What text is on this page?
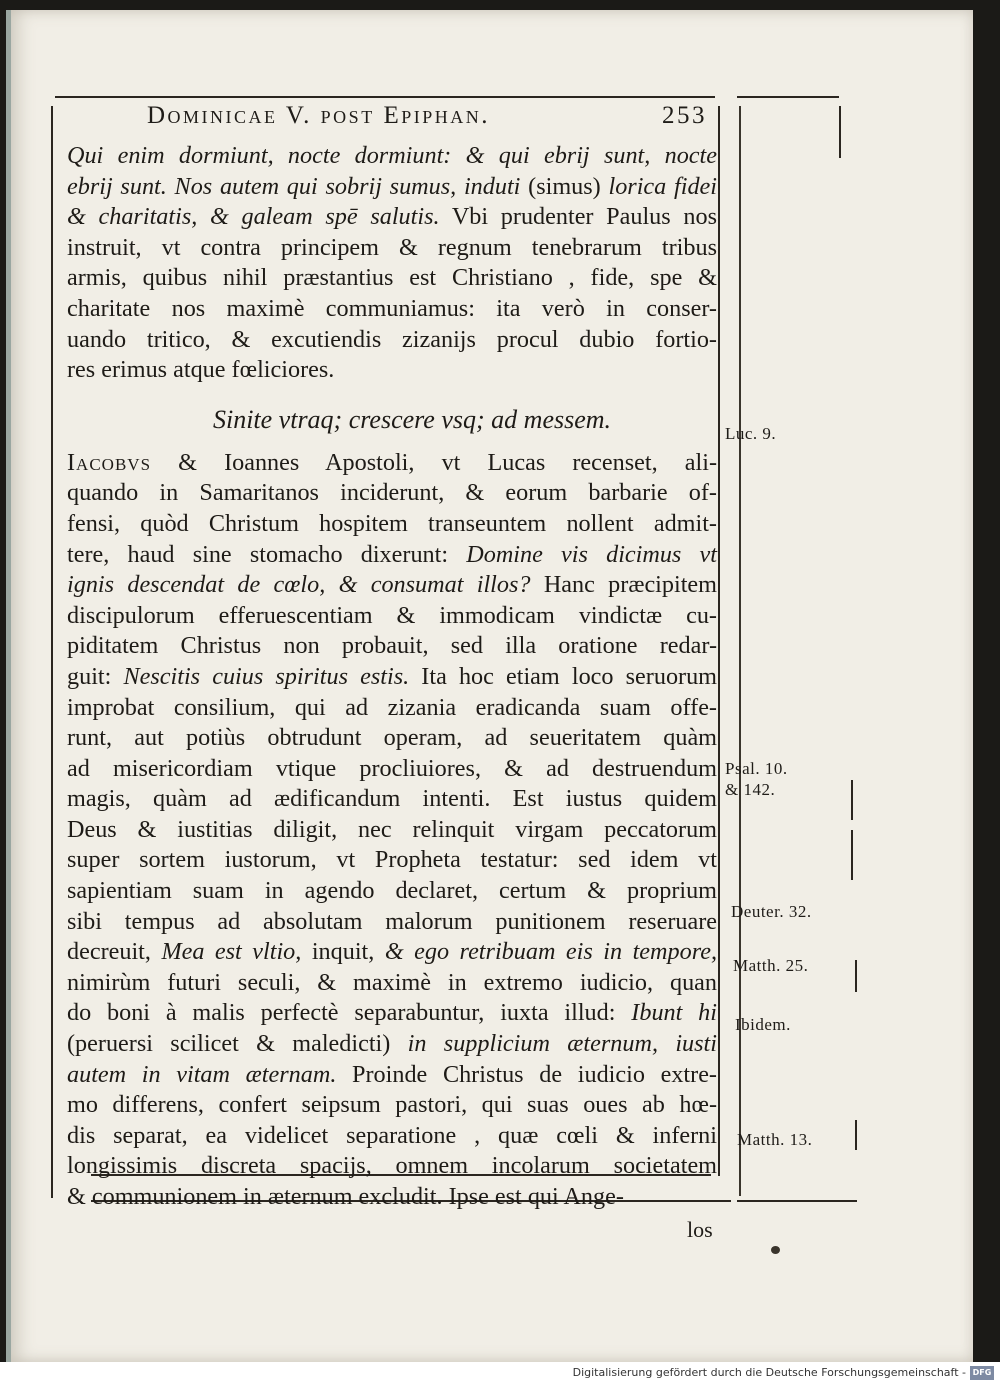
Dominicae V. post Epiphan.	253
Qui enim dormiunt, nocte dormiunt: & qui ebrij sunt, nocte
ebrij sunt. Nos autem qui sobrij sumus, induti (simus) lorica fidei
& charitatis, & galeam spē salutis. Vbi prudenter Paulus nos
instruit, vt contra principem & regnum tenebrarum tribus
armis, quibus nihil præstantius est Christiano , fide, spe &
charitate nos maximè communiamus: ita verò in conser-
uando tritico, & excutiendis zizanijs procul dubio fortio-
res erimus atque fœliciores.
Sinite vtraq; crescere vsq; ad messem.
Iacobvs & Ioannes Apostoli, vt Lucas recenset, ali-
quando in Samaritanos inciderunt, & eorum barbarie of-
fensi, quòd Christum hospitem transeuntem nollent admit-
tere, haud sine stomacho dixerunt: Domine vis dicimus vt
ignis descendat de cœlo, & consumat illos? Hanc præcipitem
discipulorum efferuescentiam & immodicam vindictæ cu-
piditatem Christus non probauit, sed illa oratione redar-
guit: Nescitis cuius spiritus estis. Ita hoc etiam loco seruorum
improbat consilium, qui ad zizania eradicanda suam offe-
runt, aut potiùs obtrudunt operam, ad seueritatem quàm
ad misericordiam vtique procliuiores, & ad destruendum
magis, quàm ad ædificandum intenti. Est iustus quidem
Deus & iustitias diligit, nec relinquit virgam peccatorum
super sortem iustorum, vt Propheta testatur: sed idem vt
sapientiam suam in agendo declaret, certum & proprium
sibi tempus ad absolutam malorum punitionem reseruare
decreuit, Mea est vltio, inquit, & ego retribuam eis in tempore,
nimirùm futuri seculi, & maximè in extremo iudicio, quan
do boni à malis perfectè separabuntur, iuxta illud: Ibunt hi
(peruersi scilicet & maledicti) in supplicium æternum, iusti
autem in vitam æternam. Proinde Christus de iudicio extre-
mo differens, confert seipsum pastori, qui suas oues ab hœ-
dis separat, ea videlicet separatione , quæ cœli & inferni
longissimis discreta spacijs, omnem incolarum societatem
& communionem in æternum excludit. Ipse est qui Ange-
los
Luc. 9.
Psal. 10.
& 142.
Deuter. 32.
Matth. 25.
Ibidem.
Matth. 13.
Digitalisierung gefördert durch die Deutsche Forschungsgemeinschaft - DFG
